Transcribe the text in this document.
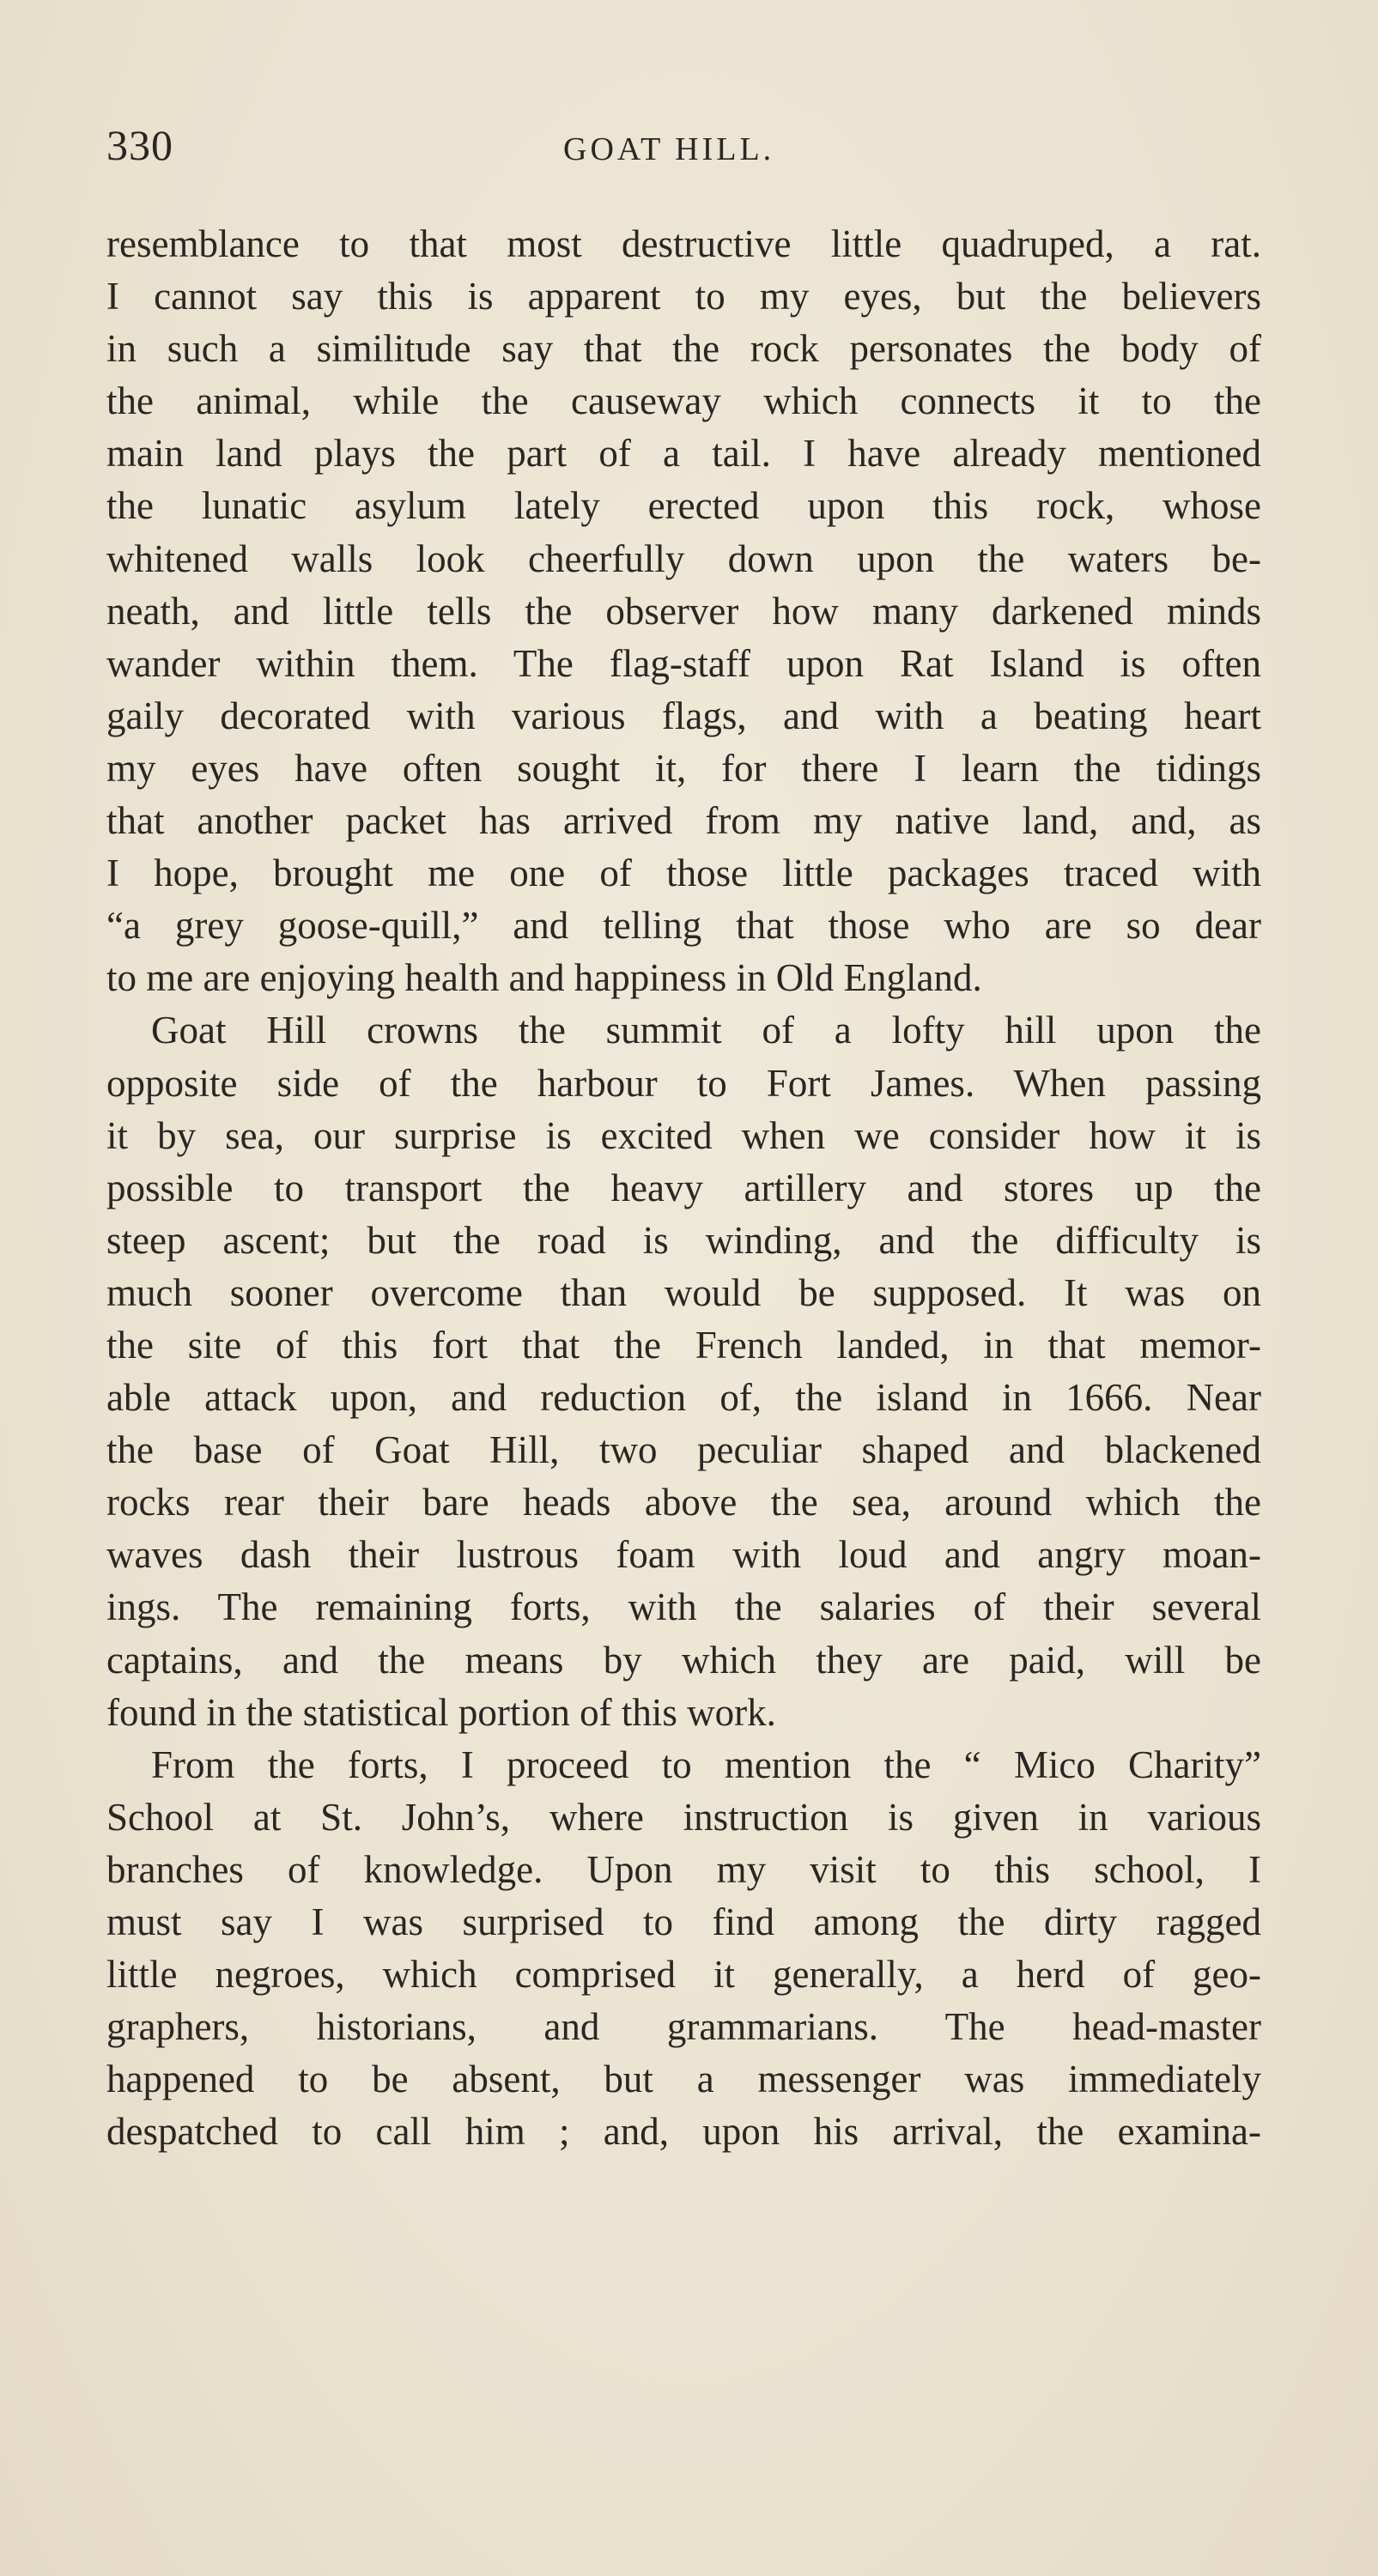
330	GOAT HILL.
resemblance to that most destructive little quadruped, a rat.
I cannot say this is apparent to my eyes, but the believers
in such a similitude say that the rock personates the body of
the animal, while the causeway which connects it to the
main land plays the part of a tail. I have already mentioned
the lunatic asylum lately erected upon this rock, whose
whitened walls look cheerfully down upon the waters be-
neath, and little tells the observer how many darkened minds
wander within them. The flag-staff upon Rat Island is often
gaily decorated with various flags, and with a beating heart
my eyes have often sought it, for there I learn the tidings
that another packet has arrived from my native land, and, as
I hope, brought me one of those little packages traced with
“a grey goose-quill,” and telling that those who are so dear
to me are enjoying health and happiness in Old England.
Goat Hill crowns the summit of a lofty hill upon the
opposite side of the harbour to Fort James. When passing
it by sea, our surprise is excited when we consider how it is
possible to transport the heavy artillery and stores up the
steep ascent; but the road is winding, and the difficulty is
much sooner overcome than would be supposed. It was on
the site of this fort that the French landed, in that memor-
able attack upon, and reduction of, the island in 1666. Near
the base of Goat Hill, two peculiar shaped and blackened
rocks rear their bare heads above the sea, around which the
waves dash their lustrous foam with loud and angry moan-
ings. The remaining forts, with the salaries of their several
captains, and the means by which they are paid, will be
found in the statistical portion of this work.
From the forts, I proceed to mention the “ Mico Charity”
School at St. John’s, where instruction is given in various
branches of knowledge. Upon my visit to this school, I
must say I was surprised to find among the dirty ragged
little negroes, which comprised it generally, a herd of geo-
graphers, historians, and grammarians. The head-master
happened to be absent, but a messenger was immediately
despatched to call him ; and, upon his arrival, the examina-
